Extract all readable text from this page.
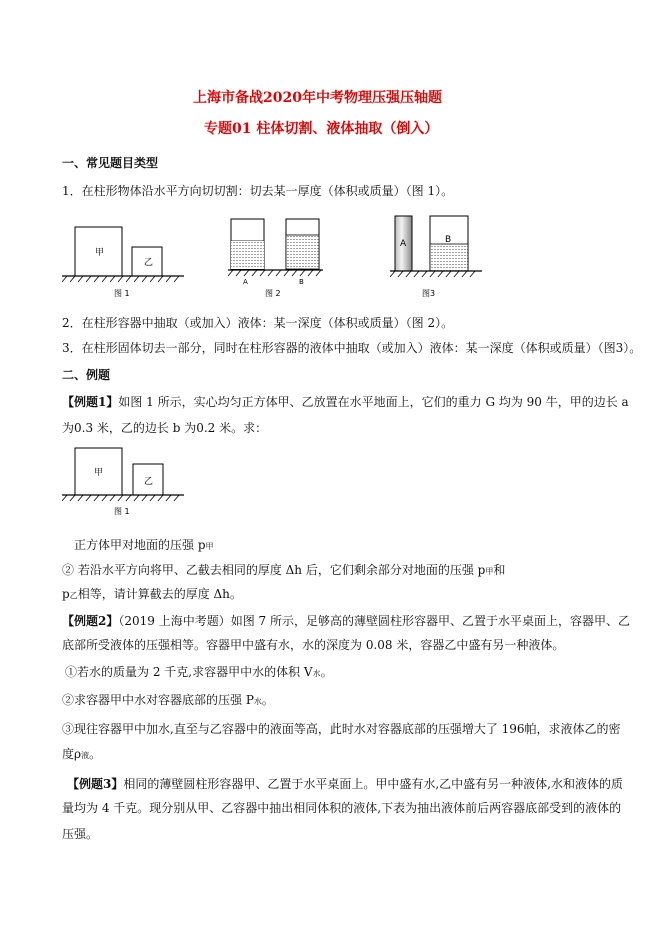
上海市备战2020年中考物理压强压轴题
专题01 柱体切割、液体抽取（倒入）
一、常见题目类型
1．在柱形物体沿水平方向切切割：切去某一厚度（体积或质量）（图 1）。
甲
乙
图 1
A	B
图 2
A	B
图3
2．在柱形容器中抽取（或加入）液体：某一深度（体积或质量）（图 2）。
3．在柱形固体切去一部分，同时在柱形容器的液体中抽取（或加入）液体：某一深度（体积或质量）（图3）。
二、例题
【例题1】如图 1 所示，实心均匀正方体甲、乙放置在水平地面上，它们的重力 G 均为 90 牛，甲的边长 a
为0.3 米，乙的边长 b 为0.2 米。求：
甲
乙
图 1
正方体甲对地面的压强 p甲
② 若沿水平方向将甲、乙截去相同的厚度 Δh 后，它们剩余部分对地面的压强 p甲和
p乙相等，请计算截去的厚度 Δh。
【例题2】（2019 上海中考题）如图 7 所示，足够高的薄壁圆柱形容器甲、乙置于水平桌面上，容器甲、乙
底部所受液体的压强相等。容器甲中盛有水，水的深度为 0.08 米，容器乙中盛有另一种液体。
①若水的质量为 2 千克,求容器甲中水的体积 V水。
②求容器甲中水对容器底部的压强 P水。
③现往容器甲中加水,直至与乙容器中的液面等高，此时水对容器底部的压强增大了 196帕，求液体乙的密
度ρ液。
【例题3】相同的薄壁圆柱形容器甲、乙置于水平桌面上。甲中盛有水,乙中盛有另一种液体,水和液体的质
量均为 4 千克。现分别从甲、乙容器中抽出相同体积的液体,下表为抽出液体前后两容器底部受到的液体的
压强。
